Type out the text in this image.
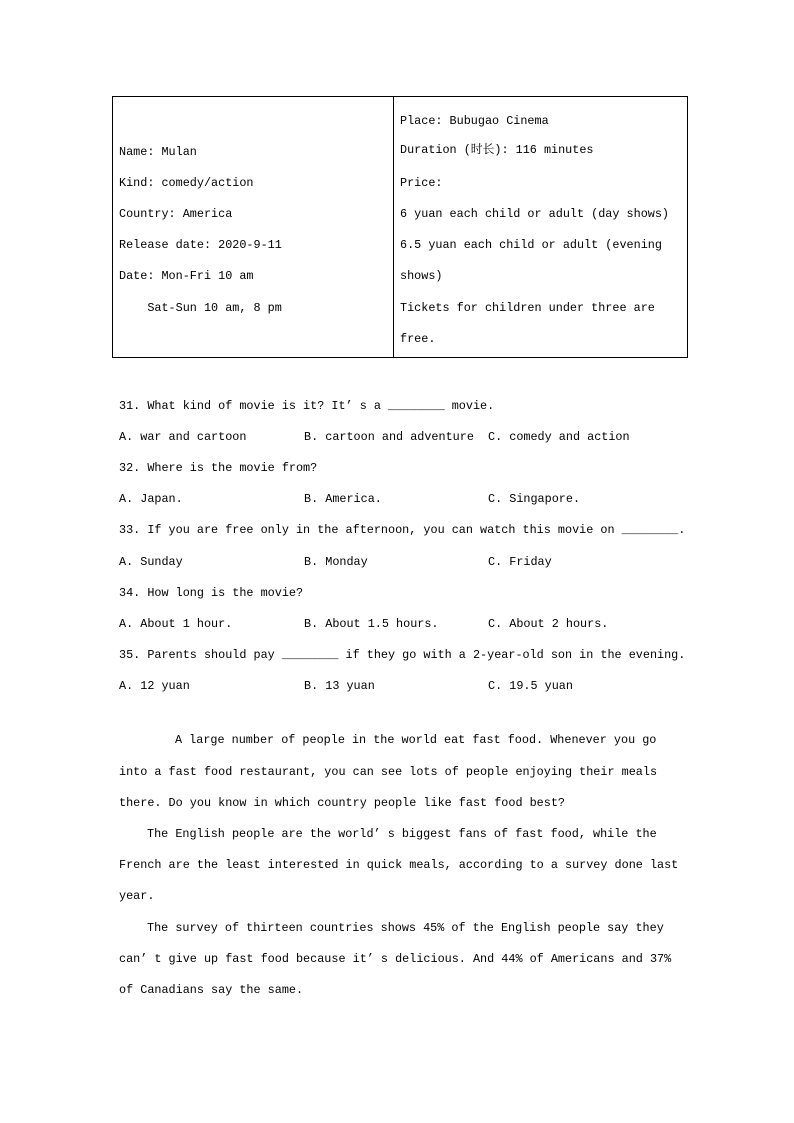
Name: Mulan
Kind: comedy/action
Country: America
Release date: 2020-9-11
Date: Mon-Fri 10 am
Sat-Sun 10 am, 8 pm
Place: Bubugao Cinema
Duration (时长): 116 minutes
Price:
6 yuan each child or adult (day shows)
6.5 yuan each child or adult (evening
shows)
Tickets for children under three are
free.
31. What kind of movie is it? It’ s a ________ movie.
A. war and cartoon	B. cartoon and adventure C. comedy and action
32. Where is the movie from?
A. Japan.	B. America.	C. Singapore.
33. If you are free only in the afternoon, you can watch this movie on ________.
A. Sunday	B. Monday	C. Friday
34. How long is the movie?
A. About 1 hour.	B. About 1.5 hours.	C. About 2 hours.
35. Parents should pay ________ if they go with a 2-year-old son in the evening.
A. 12 yuan	B. 13 yuan	C. 19.5 yuan
A large number of people in the world eat fast food. Whenever you go
into a fast food restaurant, you can see lots of people enjoying their meals
there. Do you know in which country people like fast food best?
The English people are the world’ s biggest fans of fast food, while the
French are the least interested in quick meals, according to a survey done last
year.
The survey of thirteen countries shows 45% of the English people say they
can’ t give up fast food because it’ s delicious. And 44% of Americans and 37%
of Canadians say the same.
